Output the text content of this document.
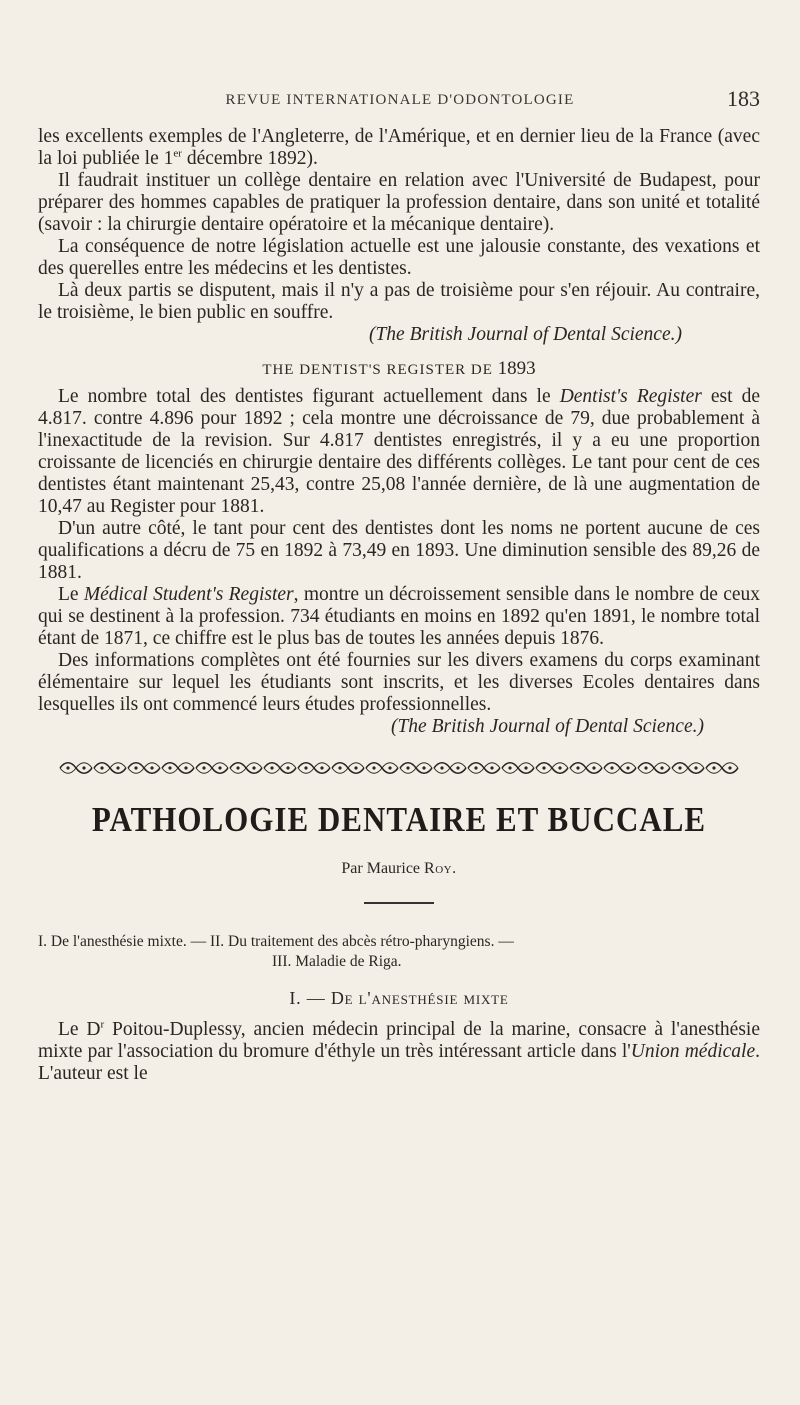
REVUE INTERNATIONALE D'ODONTOLOGIE	183

les excellents exemples de l'Angleterre, de l'Amérique, et en dernier lieu de la France (avec la loi publiée le 1er décembre 1892).

Il faudrait instituer un collège dentaire en relation avec l'Université de Budapest, pour préparer des hommes capables de pratiquer la profession dentaire, dans son unité et totalité (savoir : la chirurgie dentaire opératoire et la mécanique dentaire).

La conséquence de notre législation actuelle est une jalousie constante, des vexations et des querelles entre les médecins et les dentistes.

Là deux partis se disputent, mais il n'y a pas de troisième pour s'en réjouir. Au contraire, le troisième, le bien public en souffre.

(The British Journal of Dental Science.)

THE DENTIST'S REGISTER DE 1893

Le nombre total des dentistes figurant actuellement dans le Dentist's Register est de 4.817. contre 4.896 pour 1892 ; cela montre une décroissance de 79, due probablement à l'inexactitude de la revision. Sur 4.817 dentistes enregistrés, il y a eu une proportion croissante de licenciés en chirurgie dentaire des différents collèges. Le tant pour cent de ces dentistes étant maintenant 25,43, contre 25,08 l'année dernière, de là une augmentation de 10,47 au Register pour 1881.

D'un autre côté, le tant pour cent des dentistes dont les noms ne portent aucune de ces qualifications a décru de 75 en 1892 à 73,49 en 1893. Une diminution sensible des 89,26 de 1881.

Le Médical Student's Register, montre un décroissement sensible dans le nombre de ceux qui se destinent à la profession. 734 étudiants en moins en 1892 qu'en 1891, le nombre total étant de 1871, ce chiffre est le plus bas de toutes les années depuis 1876.

Des informations complètes ont été fournies sur les divers examens du corps examinant élémentaire sur lequel les étudiants sont inscrits, et les diverses Ecoles dentaires dans lesquelles ils ont commencé leurs études professionnelles.

(The British Journal of Dental Science.)

PATHOLOGIE DENTAIRE ET BUCCALE
Par Maurice Roy.
I. De l'anesthésie mixte. — II. Du traitement des abcès rétro-pharyngiens. —
III. Maladie de Riga.
I. — De l'anesthésie mixte

Le $D^r$ Poitou-Duplessy, ancien médecin principal de la marine, consacre à l'anesthésie mixte par l'association du bromure d'éthyle un très intéressant article dans l'Union médicale. L'auteur est le
